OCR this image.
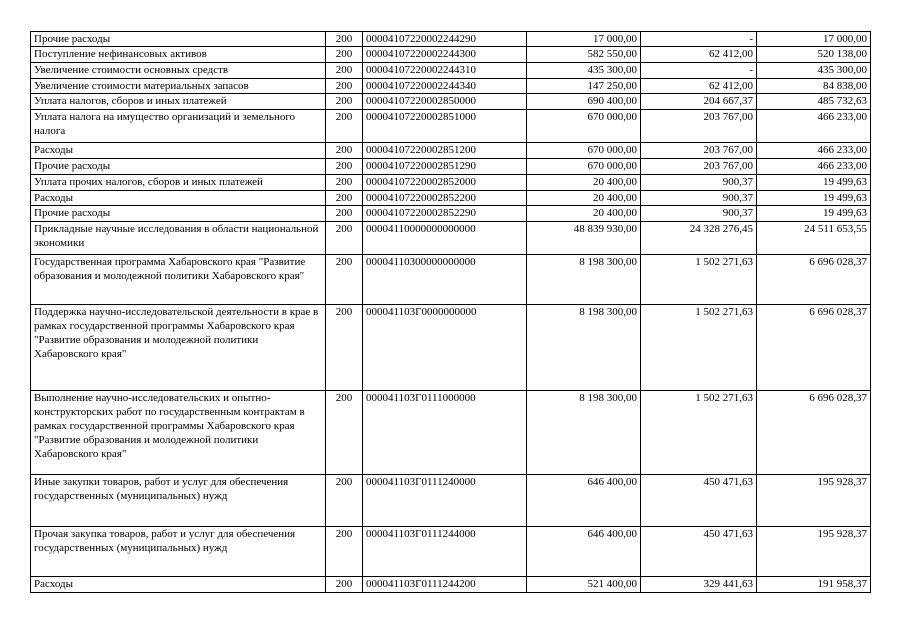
Прочие расходы	200	00004107220002244290	17 000,00	-	17 000,00
Поступление нефинансовых активов	200	00004107220002244300	582 550,00	62 412,00	520 138,00
Увеличение стоимости основных средств	200	00004107220002244310	435 300,00	-	435 300,00
Увеличение стоимости материальных запасов	200	00004107220002244340	147 250,00	62 412,00	84 838,00
Уплата налогов, сборов и иных платежей	200	00004107220002850000	690 400,00	204 667,37	485 732,63
Уплата налога на имущество организаций и земельного налога	200	00004107220002851000	670 000,00	203 767,00	466 233,00
Расходы	200	00004107220002851200	670 000,00	203 767,00	466 233,00
Прочие расходы	200	00004107220002851290	670 000,00	203 767,00	466 233,00
Уплата прочих налогов, сборов и иных платежей	200	00004107220002852000	20 400,00	900,37	19 499,63
Расходы	200	00004107220002852200	20 400,00	900,37	19 499,63
Прочие расходы	200	00004107220002852290	20 400,00	900,37	19 499,63
Прикладные научные исследования в области национальной экономики	200	00004110000000000000	48 839 930,00	24 328 276,45	24 511 653,55
Государственная программа Хабаровского края "Развитие образования и молодежной политики Хабаровского края"	200	00004110300000000000	8 198 300,00	1 502 271,63	6 696 028,37
Поддержка научно-исследовательской деятельности в крае в рамках государственной программы Хабаровского края "Развитие образования и молодежной политики Хабаровского края"	200	000041103Г0000000000	8 198 300,00	1 502 271,63	6 696 028,37
Выполнение научно-исследовательских и опытно-конструкторских работ по государственным контрактам в рамках государственной программы Хабаровского края "Развитие образования и молодежной политики Хабаровского края"	200	000041103Г0111000000	8 198 300,00	1 502 271,63	6 696 028,37
Иные закупки товаров, работ и услуг для обеспечения государственных (муниципальных) нужд	200	000041103Г0111240000	646 400,00	450 471,63	195 928,37
Прочая закупка товаров, работ и услуг для обеспечения государственных (муниципальных) нужд	200	000041103Г0111244000	646 400,00	450 471,63	195 928,37
Расходы	200	000041103Г0111244200	521 400,00	329 441,63	191 958,37
